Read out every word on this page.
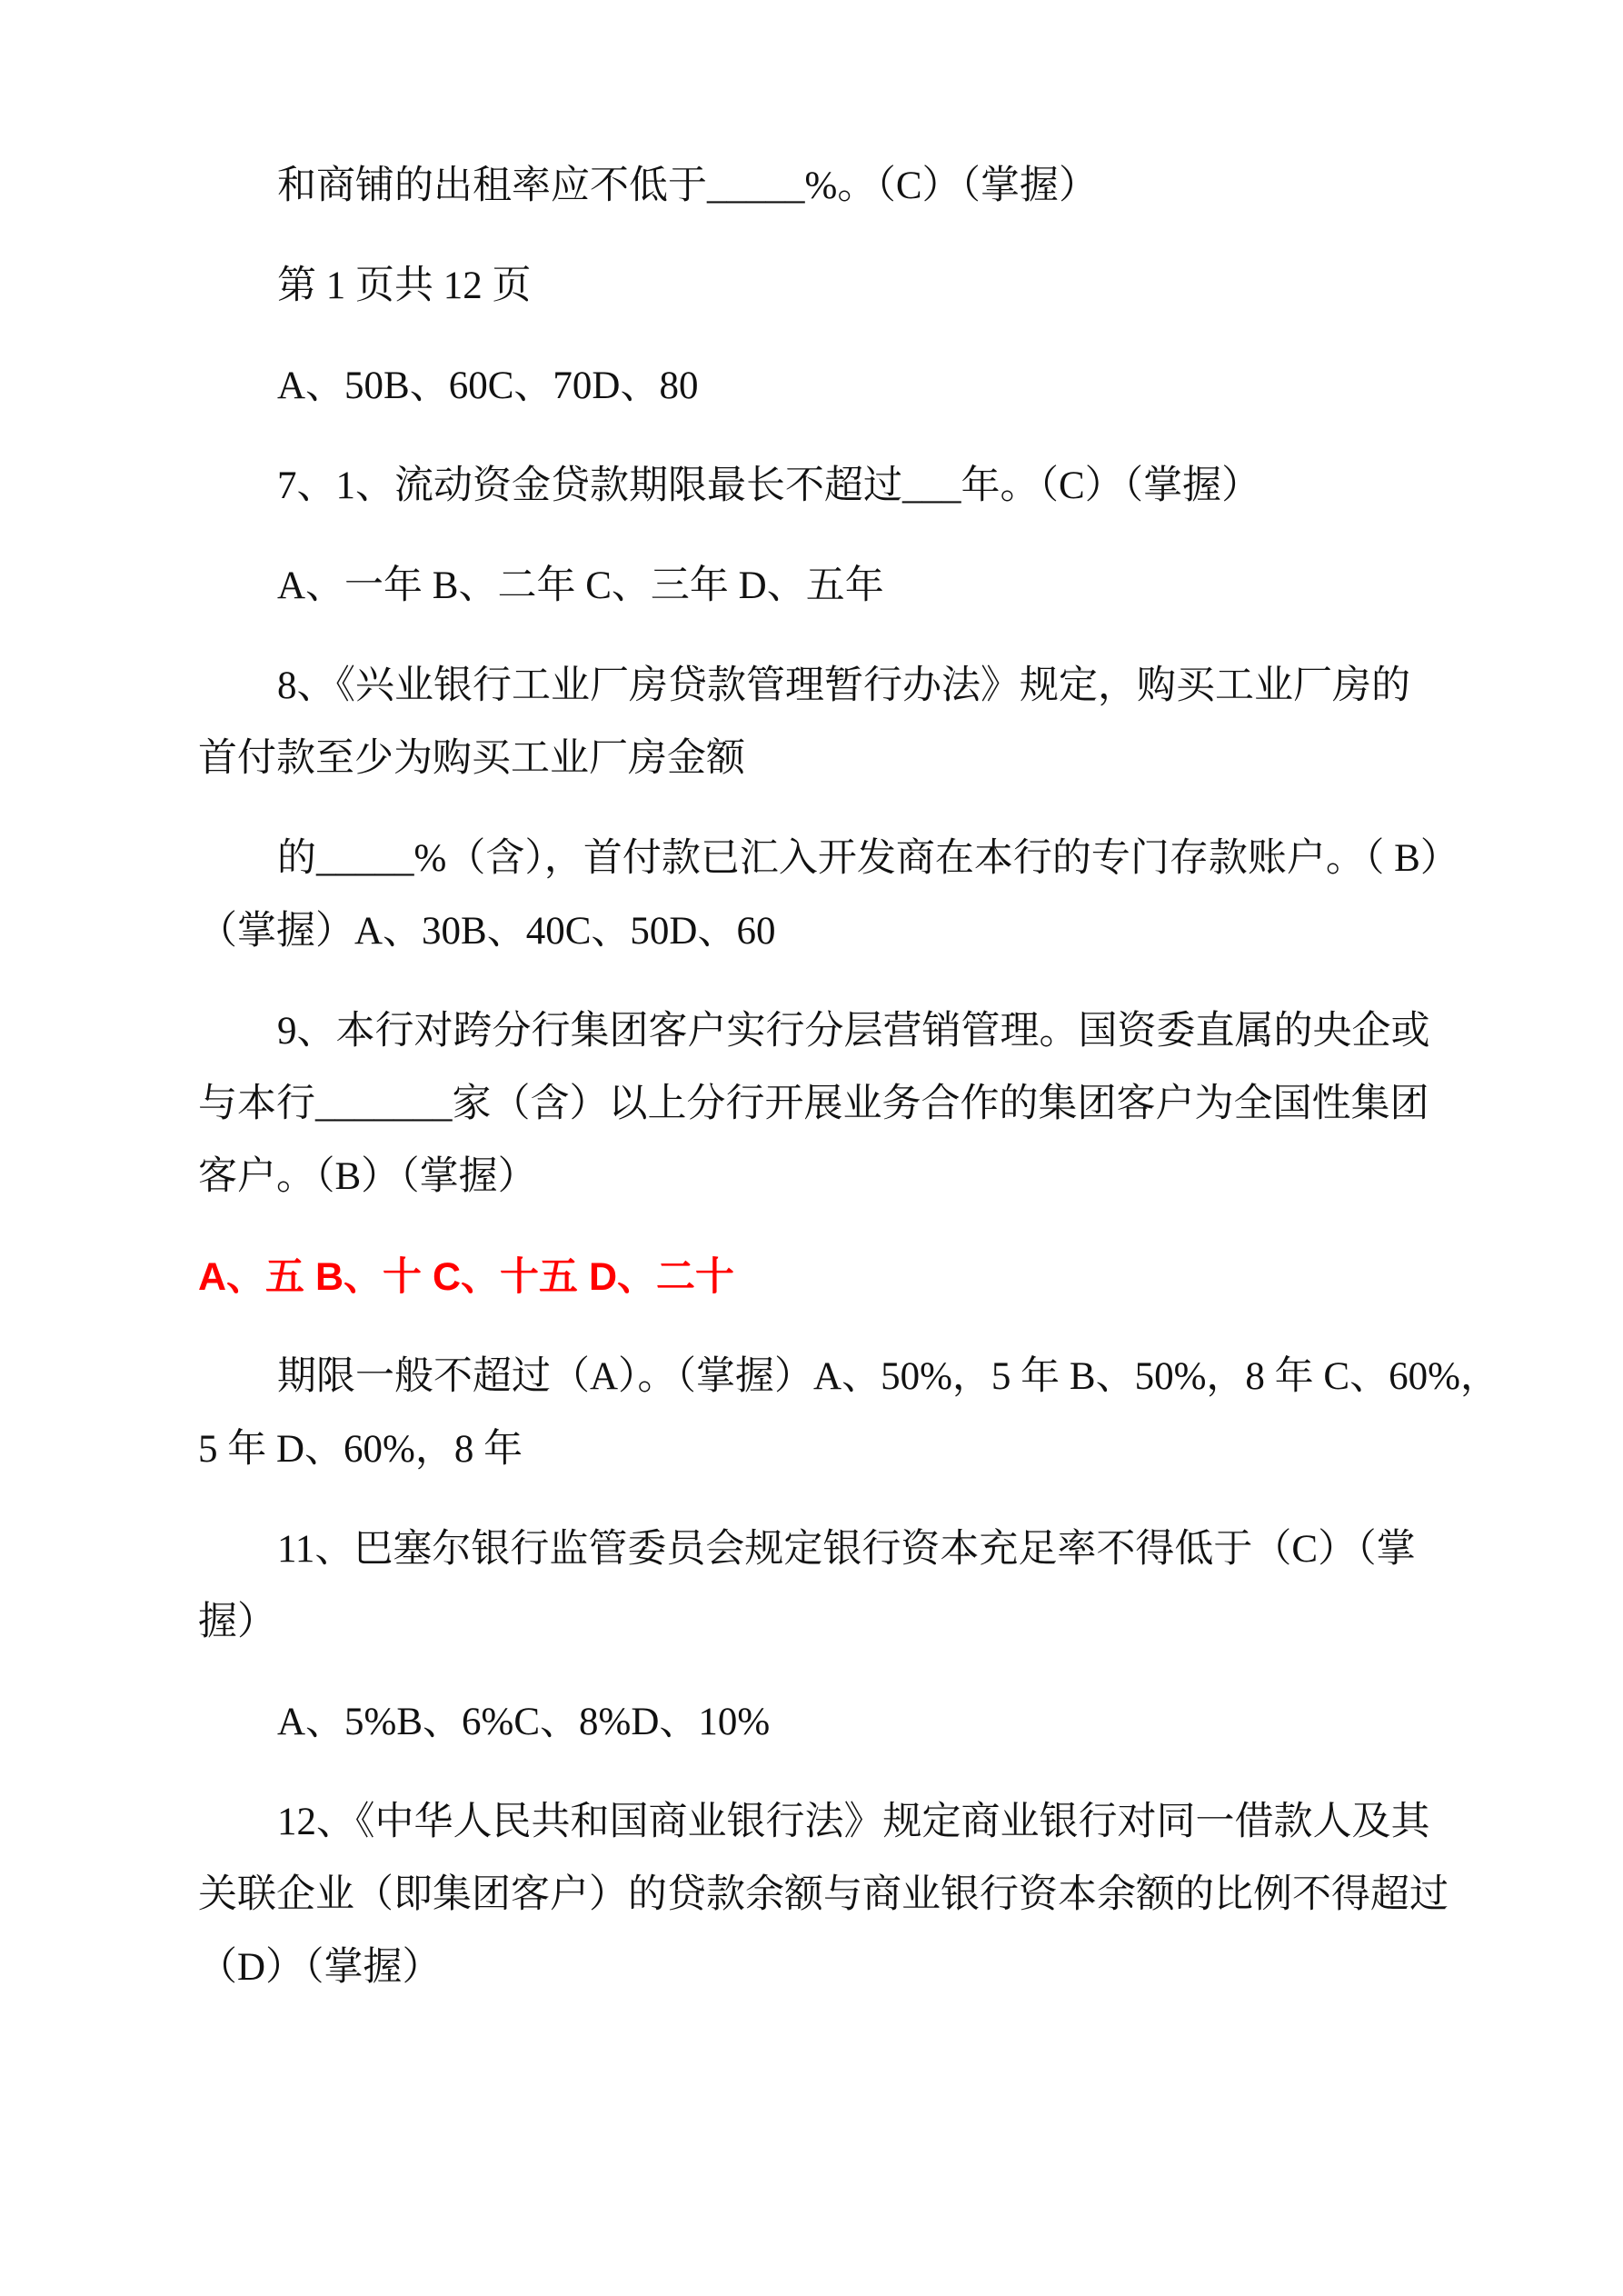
和商铺的出租率应不低于_____%。（C）（掌握）
第 1 页共 12 页
A、50B、60C、70D、80
7、1、流动资金贷款期限最长不超过___年。（C）（掌握）
A、一年 B、二年 C、三年 D、五年
8、《兴业银行工业厂房贷款管理暂行办法》规定，购买工业厂房的
首付款至少为购买工业厂房金额
的_____%（含），首付款已汇入开发商在本行的专门存款账户。（ B）
（掌握）A、30B、40C、50D、60
9、本行对跨分行集团客户实行分层营销管理。国资委直属的央企或
与本行_______家（含）以上分行开展业务合作的集团客户为全国性集团
客户。（B）（掌握）
A、五 B、十 C、十五 D、二十
期限一般不超过（A）。（掌握）A、50%，5 年 B、50%，8 年 C、60%，
5 年 D、60%，8 年
11、巴塞尔银行监管委员会规定银行资本充足率不得低于（C）（掌
握）
A、5%B、6%C、8%D、10%
12、《中华人民共和国商业银行法》规定商业银行对同一借款人及其
关联企业（即集团客户）的贷款余额与商业银行资本余额的比例不得超过
（D）（掌握）
